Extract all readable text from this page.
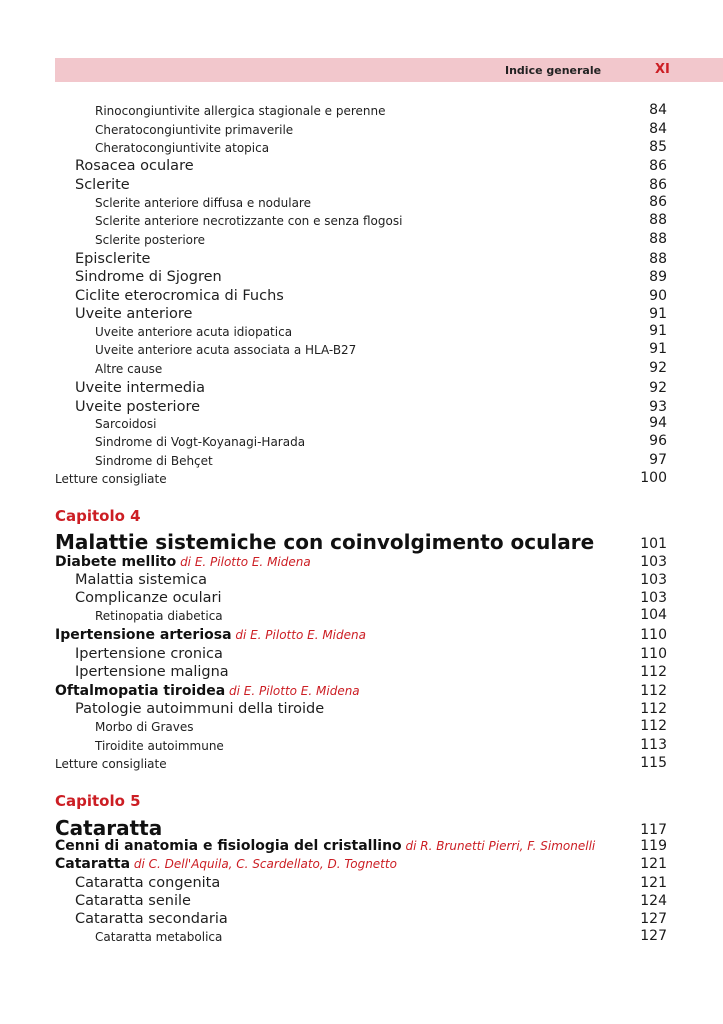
Indice generale	XI
Rinocongiuntivite allergica stagionale e perenne	84
Cheratocongiuntivite primaverile	84
Cheratocongiuntivite atopica	85
Rosacea oculare	86
Sclerite	86
Sclerite anteriore diffusa e nodulare	86
Sclerite anteriore necrotizzante con e senza flogosi	88
Sclerite posteriore	88
Episclerite	88
Sindrome di Sjogren	89
Ciclite eterocromica di Fuchs	90
Uveite anteriore	91
Uveite anteriore acuta idiopatica	91
Uveite anteriore acuta associata a HLA-B27	91
Altre cause	92
Uveite intermedia	92
Uveite posteriore	93
Sarcoidosi	94
Sindrome di Vogt-Koyanagi-Harada	96
Sindrome di Behçet	97
Letture consigliate	100
Capitolo 4
Malattie sistemiche con coinvolgimento oculare	101
Diabete mellito di E. Pilotto E. Midena	103
Malattia sistemica	103
Complicanze oculari	103
Retinopatia diabetica	104
Ipertensione arteriosa di E. Pilotto E. Midena	110
Ipertensione cronica	110
Ipertensione maligna	112
Oftalmopatia tiroidea di E. Pilotto E. Midena	112
Patologie autoimmuni della tiroide	112
Morbo di Graves	112
Tiroidite autoimmune	113
Letture consigliate	115
Capitolo 5
Cataratta	117
Cenni di anatomia e fisiologia del cristallino di R. Brunetti Pierri, F. Simonelli	119
Cataratta di C. Dell'Aquila, C. Scardellato, D. Tognetto	121
Cataratta congenita	121
Cataratta senile	124
Cataratta secondaria	127
Cataratta metabolica	127
